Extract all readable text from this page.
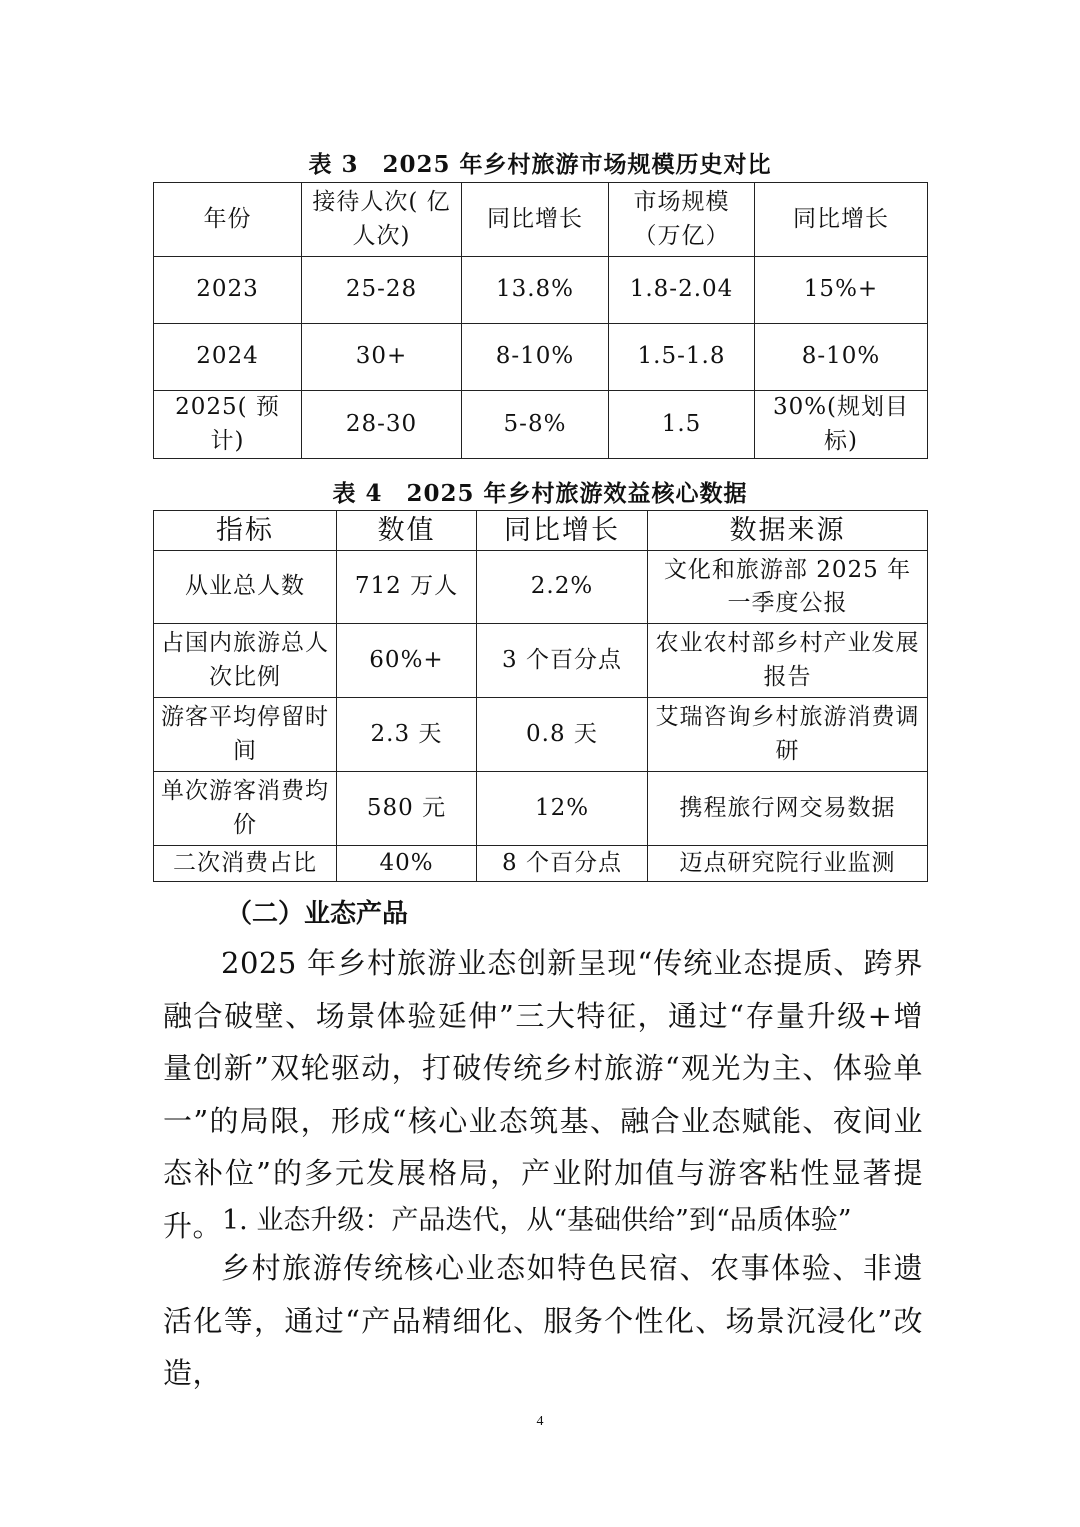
表 3　2025 年乡村旅游市场规模历史对比
年份	接待人次( 亿人次)	同比增长	市场规模（万亿）	同比增长
2023	25-28	13.8%	1.8-2.04	15%+
2024	30+	8-10%	1.5-1.8	8-10%
2025( 预计)	28-30	5-8%	1.5	30%(规划目标)
表 4　2025 年乡村旅游效益核心数据
指标	数值	同比增长	数据来源
从业总人数	712 万人	2.2%	文化和旅游部 2025 年一季度公报
占国内旅游总人次比例	60%+	3 个百分点	农业农村部乡村产业发展报告
游客平均停留时间	2.3 天	0.8 天	艾瑞咨询乡村旅游消费调研
单次游客消费均价	580 元	12%	携程旅行网交易数据
二次消费占比	40%	8 个百分点	迈点研究院行业监测
（二）业态产品

2025 年乡村旅游业态创新呈现“传统业态提质、跨界融合破壁、场景体验延伸”三大特征，通过“存量升级+增量创新”双轮驱动，打破传统乡村旅游“观光为主、体验单一”的局限，形成“核心业态筑基、融合业态赋能、夜间业态补位”的多元发展格局，产业附加值与游客粘性显著提升。 1. 业态升级：产品迭代，从“基础供给”到“品质体验”

乡村旅游传统核心业态如特色民宿、农事体验、非遗活化等，通过“产品精细化、服务个性化、场景沉浸化”改造，

4
